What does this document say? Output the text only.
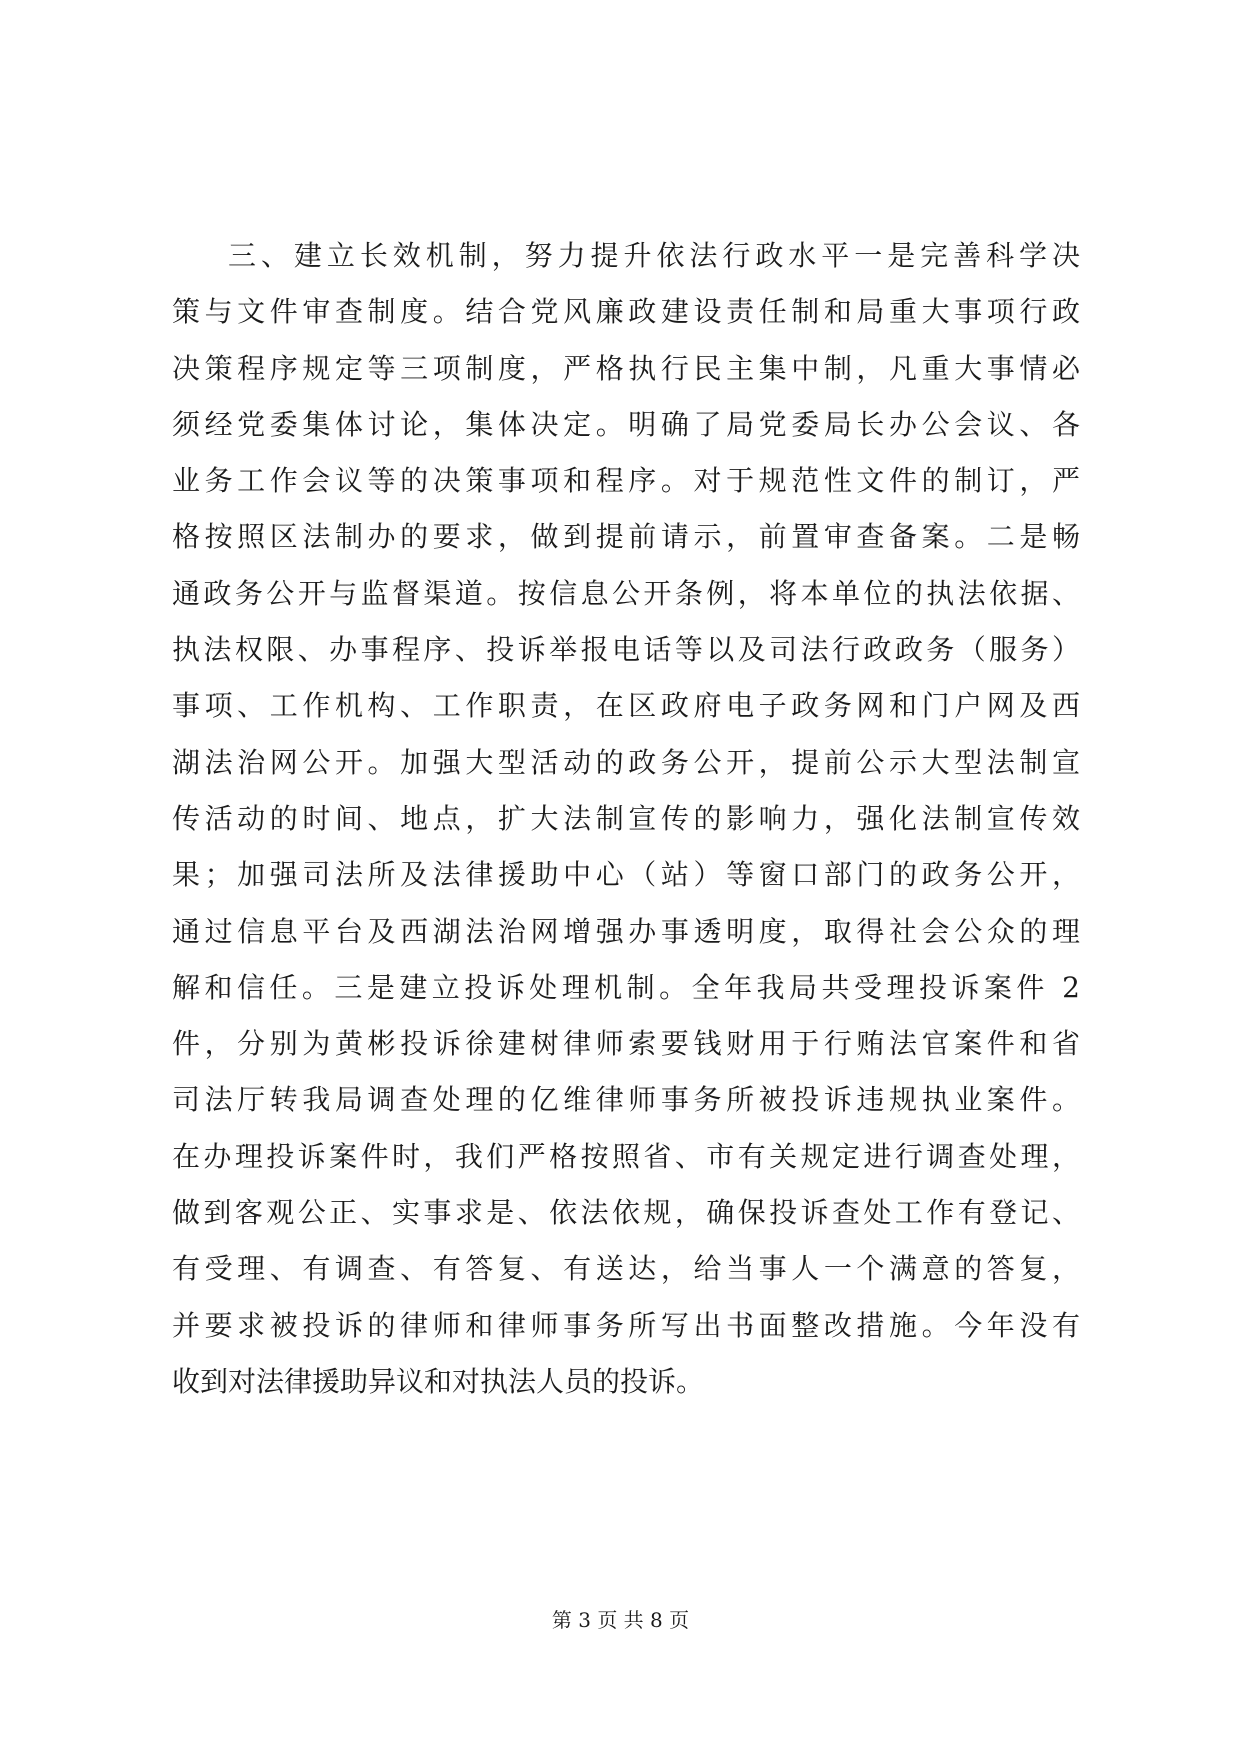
三、建立长效机制，努力提升依法行政水平一是完善科学决
策与文件审查制度。结合党风廉政建设责任制和局重大事项行政
决策程序规定等三项制度，严格执行民主集中制，凡重大事情必
须经党委集体讨论，集体决定。明确了局党委局长办公会议、各
业务工作会议等的决策事项和程序。对于规范性文件的制订，严
格按照区法制办的要求，做到提前请示，前置审查备案。二是畅
通政务公开与监督渠道。按信息公开条例，将本单位的执法依据、
执法权限、办事程序、投诉举报电话等以及司法行政政务（服务）
事项、工作机构、工作职责，在区政府电子政务网和门户网及西
湖法治网公开。加强大型活动的政务公开，提前公示大型法制宣
传活动的时间、地点，扩大法制宣传的影响力，强化法制宣传效
果；加强司法所及法律援助中心（站）等窗口部门的政务公开，
通过信息平台及西湖法治网增强办事透明度，取得社会公众的理
解和信任。三是建立投诉处理机制。全年我局共受理投诉案件 2
件，分别为黄彬投诉徐建树律师索要钱财用于行贿法官案件和省
司法厅转我局调查处理的亿维律师事务所被投诉违规执业案件。
在办理投诉案件时，我们严格按照省、市有关规定进行调查处理，
做到客观公正、实事求是、依法依规，确保投诉查处工作有登记、
有受理、有调查、有答复、有送达，给当事人一个满意的答复，
并要求被投诉的律师和律师事务所写出书面整改措施。今年没有
收到对法律援助异议和对执法人员的投诉。
第 3 页 共 8 页
